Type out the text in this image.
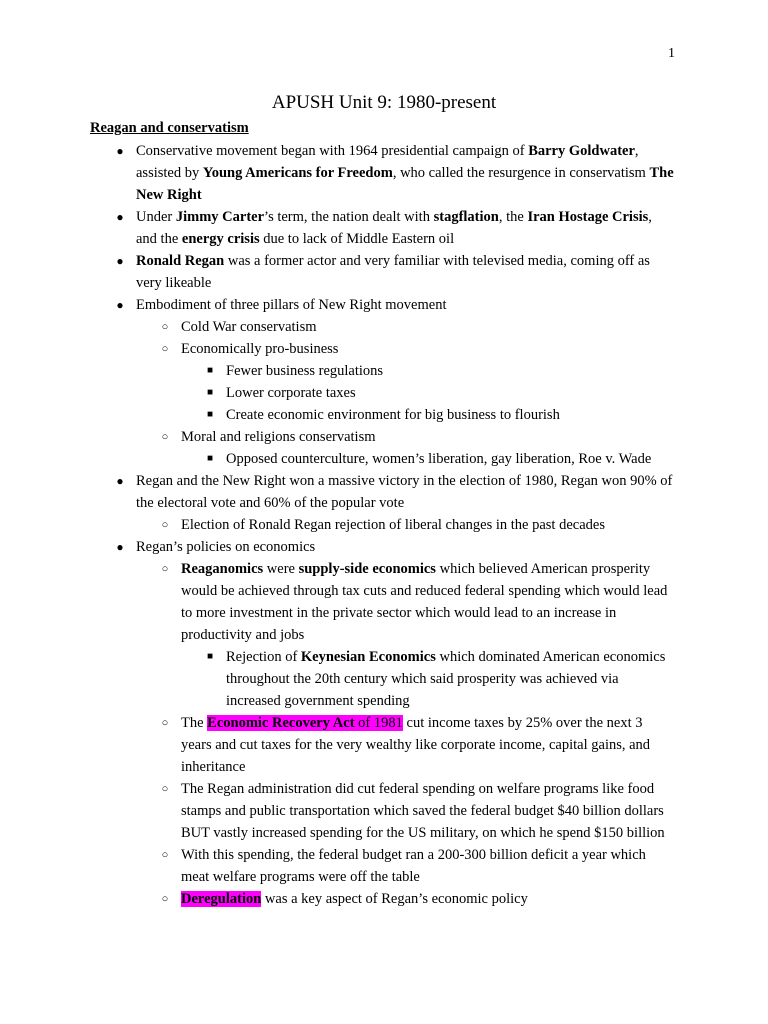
1
APUSH Unit 9: 1980-present
Reagan and conservatism
● Conservative movement began with 1964 presidential campaign of Barry Goldwater, assisted by Young Americans for Freedom, who called the resurgence in conservatism The New Right
● Under Jimmy Carter’s term, the nation dealt with stagflation, the Iran Hostage Crisis, and the energy crisis due to lack of Middle Eastern oil
● Ronald Regan was a former actor and very familiar with televised media, coming off as very likeable
● Embodiment of three pillars of New Right movement
○ Cold War conservatism
○ Economically pro-business
■ Fewer business regulations
■ Lower corporate taxes
■ Create economic environment for big business to flourish
○ Moral and religions conservatism
■ Opposed counterculture, women’s liberation, gay liberation, Roe v. Wade
● Regan and the New Right won a massive victory in the election of 1980, Regan won 90% of the electoral vote and 60% of the popular vote
○ Election of Ronald Regan rejection of liberal changes in the past decades
● Regan’s policies on economics
○ Reaganomics were supply-side economics which believed American prosperity would be achieved through tax cuts and reduced federal spending which would lead to more investment in the private sector which would lead to an increase in productivity and jobs
■ Rejection of Keynesian Economics which dominated American economics throughout the 20th century which said prosperity was achieved via increased government spending
○ The Economic Recovery Act of 1981 cut income taxes by 25% over the next 3 years and cut taxes for the very wealthy like corporate income, capital gains, and inheritance
○ The Regan administration did cut federal spending on welfare programs like food stamps and public transportation which saved the federal budget $40 billion dollars BUT vastly increased spending for the US military, on which he spend $150 billion
○ With this spending, the federal budget ran a 200-300 billion deficit a year which meat welfare programs were off the table
○ Deregulation was a key aspect of Regan’s economic policy
